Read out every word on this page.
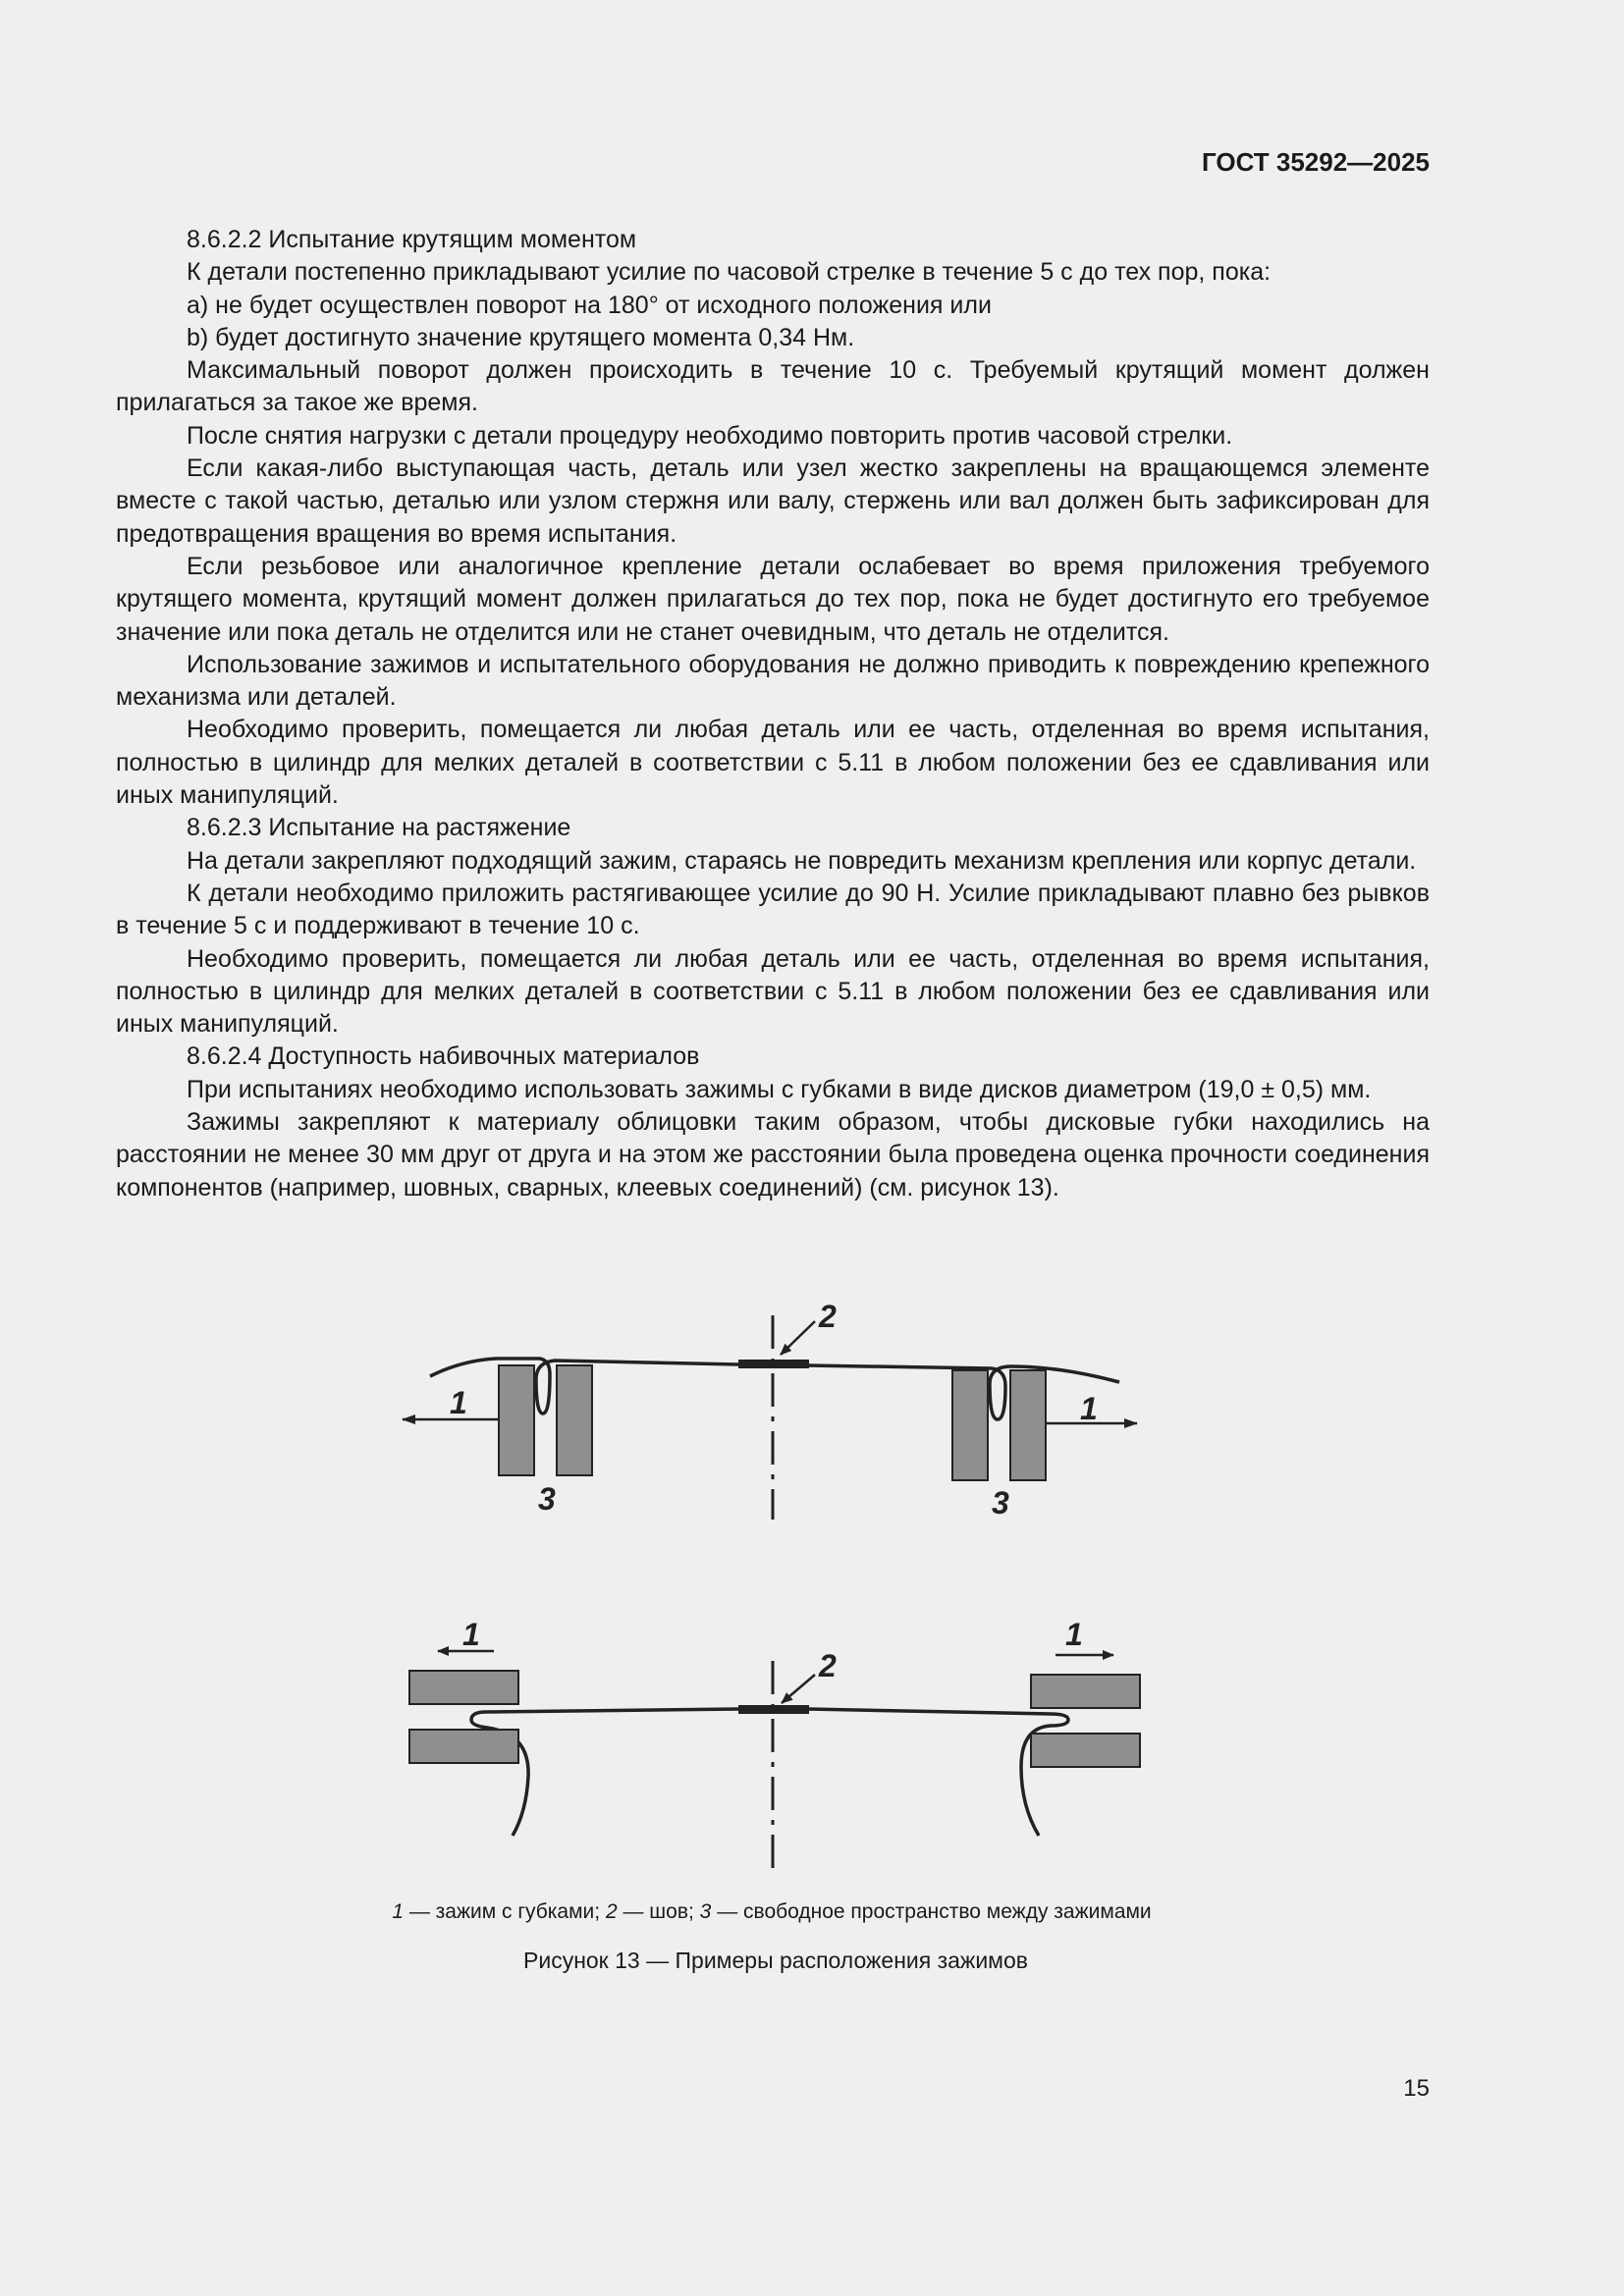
ГОСТ 35292—2025

8.6.2.2 Испытание крутящим моментом

К детали постепенно прикладывают усилие по часовой стрелке в течение 5 с до тех пор, пока:

a) не будет осуществлен поворот на 180° от исходного положения или

b) будет достигнуто значение крутящего момента 0,34 Нм.

Максимальный поворот должен происходить в течение 10 с. Требуемый крутящий момент должен прилагаться за такое же время.

После снятия нагрузки с детали процедуру необходимо повторить против часовой стрелки.

Если какая-либо выступающая часть, деталь или узел жестко закреплены на вращающемся элементе вместе с такой частью, деталью или узлом стержня или валу, стержень или вал должен быть зафиксирован для предотвращения вращения во время испытания.

Если резьбовое или аналогичное крепление детали ослабевает во время приложения требуемого крутящего момента, крутящий момент должен прилагаться до тех пор, пока не будет достигнуто его требуемое значение или пока деталь не отделится или не станет очевидным, что деталь не отделится.

Использование зажимов и испытательного оборудования не должно приводить к повреждению крепежного механизма или деталей.

Необходимо проверить, помещается ли любая деталь или ее часть, отделенная во время испытания, полностью в цилиндр для мелких деталей в соответствии с 5.11 в любом положении без ее сдавливания или иных манипуляций.

8.6.2.3 Испытание на растяжение

На детали закрепляют подходящий зажим, стараясь не повредить механизм крепления или корпус детали.

К детали необходимо приложить растягивающее усилие до 90 Н. Усилие прикладывают плавно без рывков в течение 5 с и поддерживают в течение 10 с.

Необходимо проверить, помещается ли любая деталь или ее часть, отделенная во время испытания, полностью в цилиндр для мелких деталей в соответствии с 5.11 в любом положении без ее сдавливания или иных манипуляций.

8.6.2.4 Доступность набивочных материалов

При испытаниях необходимо использовать зажимы с губками в виде дисков диаметром (19,0 ± 0,5) мм.

Зажимы закрепляют к материалу облицовки таким образом, чтобы дисковые губки находились на расстоянии не менее 30 мм друг от друга и на этом же расстоянии была проведена оценка прочности соединения компонентов (например, шовных, сварных, клеевых соединений) (см. рисунок 13).

1	1
2
3	3
1	1
2
1 — зажим с губками; 2 — шов; 3 — свободное пространство между зажимами
Рисунок 13 — Примеры расположения зажимов
15
